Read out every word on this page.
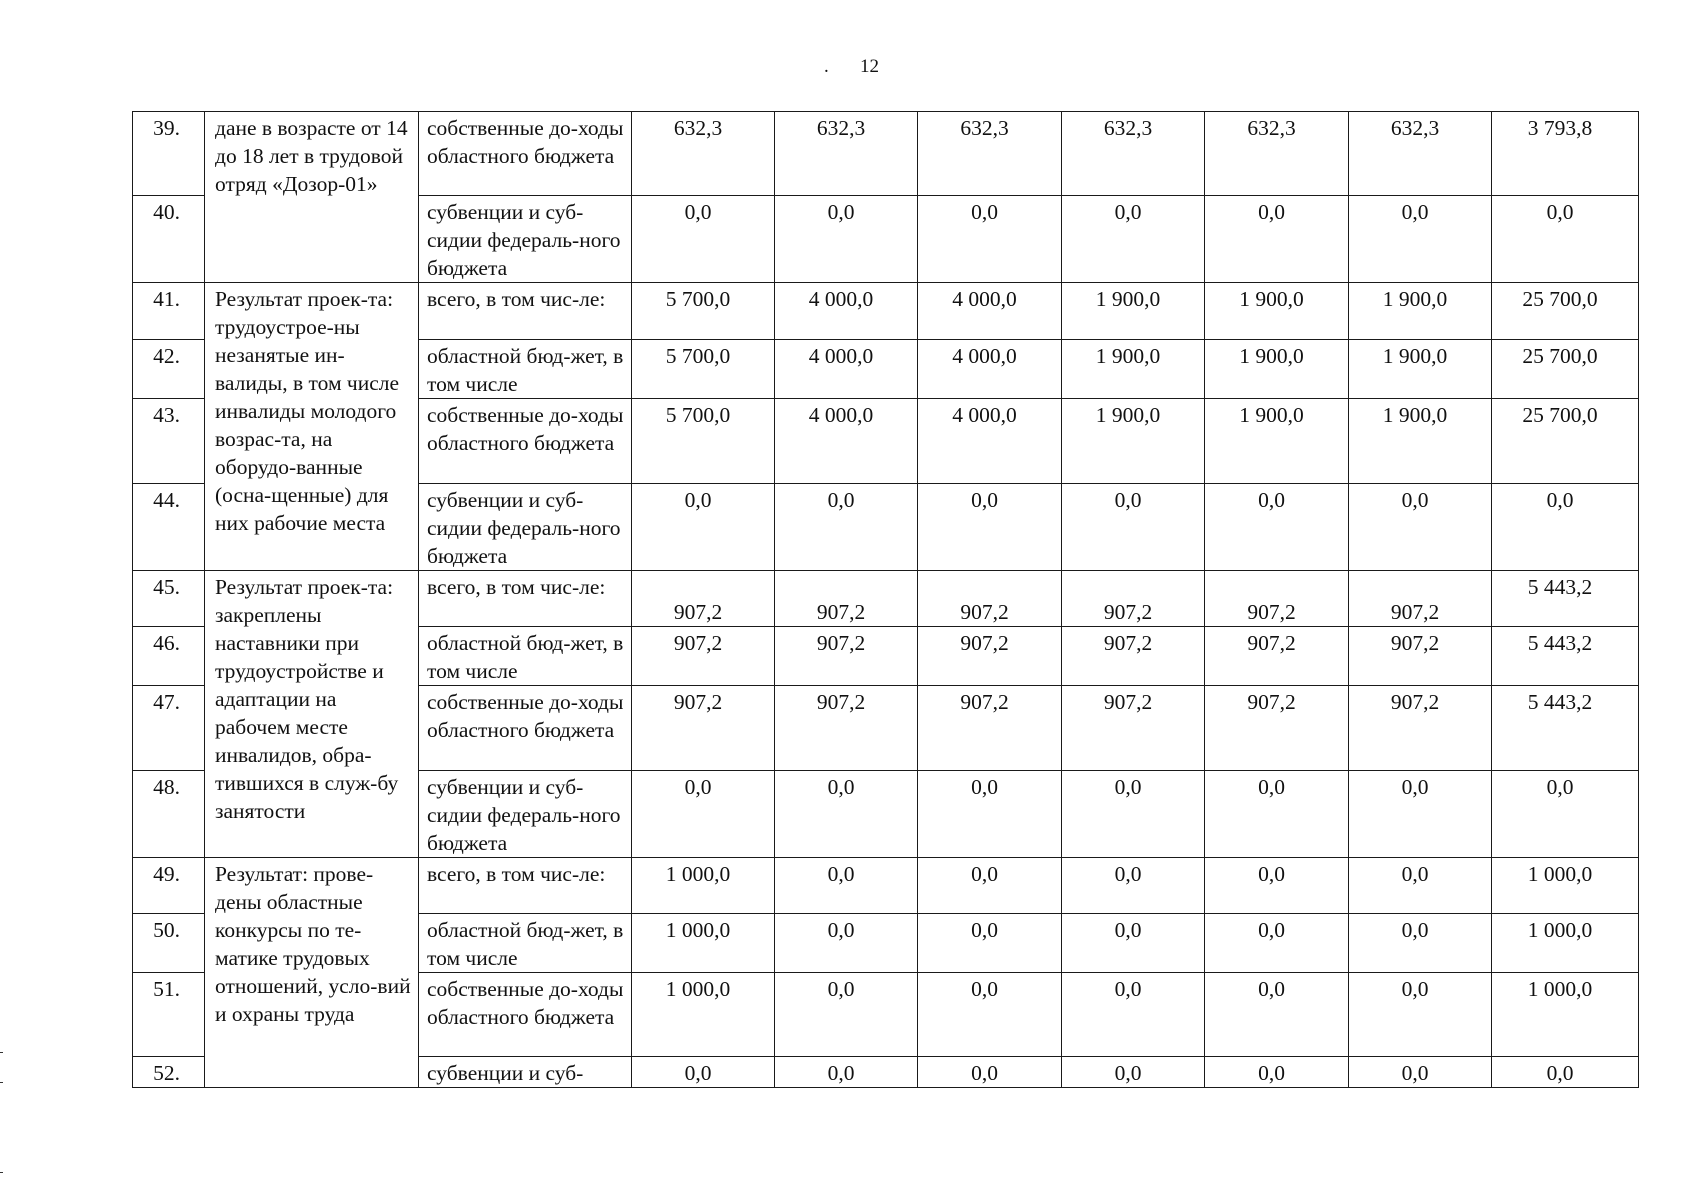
. 12
39.	дане в возрасте от 14 до 18 лет в трудовой отряд «Дозор-01»	собственные до-ходы областного бюджета	632,3	632,3	632,3	632,3	632,3	632,3	3 793,8
40.		субвенции и суб-сидии федераль-ного бюджета	0,0	0,0	0,0	0,0	0,0	0,0	0,0
41.	Результат проек-та: трудоустрое-ны незанятые ин-валиды, в том числе инвалиды молодого возрас-та, на оборудо-ванные (осна-щенные) для них рабочие места	всего, в том чис-ле:	5 700,0	4 000,0	4 000,0	1 900,0	1 900,0	1 900,0	25 700,0
42.		областной бюд-жет, в том числе	5 700,0	4 000,0	4 000,0	1 900,0	1 900,0	1 900,0	25 700,0
43.		собственные до-ходы областного бюджета	5 700,0	4 000,0	4 000,0	1 900,0	1 900,0	1 900,0	25 700,0
44.		субвенции и суб-сидии федераль-ного бюджета	0,0	0,0	0,0	0,0	0,0	0,0	0,0
45.	Результат проек-та: закреплены наставники при трудоустройстве и адаптации на рабочем месте инвалидов, обра-тившихся в служ-бу занятости	всего, в том чис-ле:	907,2	907,2	907,2	907,2	907,2	907,2	5 443,2
46.		областной бюд-жет, в том числе	907,2	907,2	907,2	907,2	907,2	907,2	5 443,2
47.		собственные до-ходы областного бюджета	907,2	907,2	907,2	907,2	907,2	907,2	5 443,2
48.		субвенции и суб-сидии федераль-ного бюджета	0,0	0,0	0,0	0,0	0,0	0,0	0,0
49.	Результат: прове-дены областные конкурсы по те-матике трудовых отношений, усло-вий и охраны труда	всего, в том чис-ле:	1 000,0	0,0	0,0	0,0	0,0	0,0	1 000,0
50.		областной бюд-жет, в том числе	1 000,0	0,0	0,0	0,0	0,0	0,0	1 000,0
51.		собственные до-ходы областного бюджета	1 000,0	0,0	0,0	0,0	0,0	0,0	1 000,0
52.		субвенции и суб-	0,0	0,0	0,0	0,0	0,0	0,0	0,0
